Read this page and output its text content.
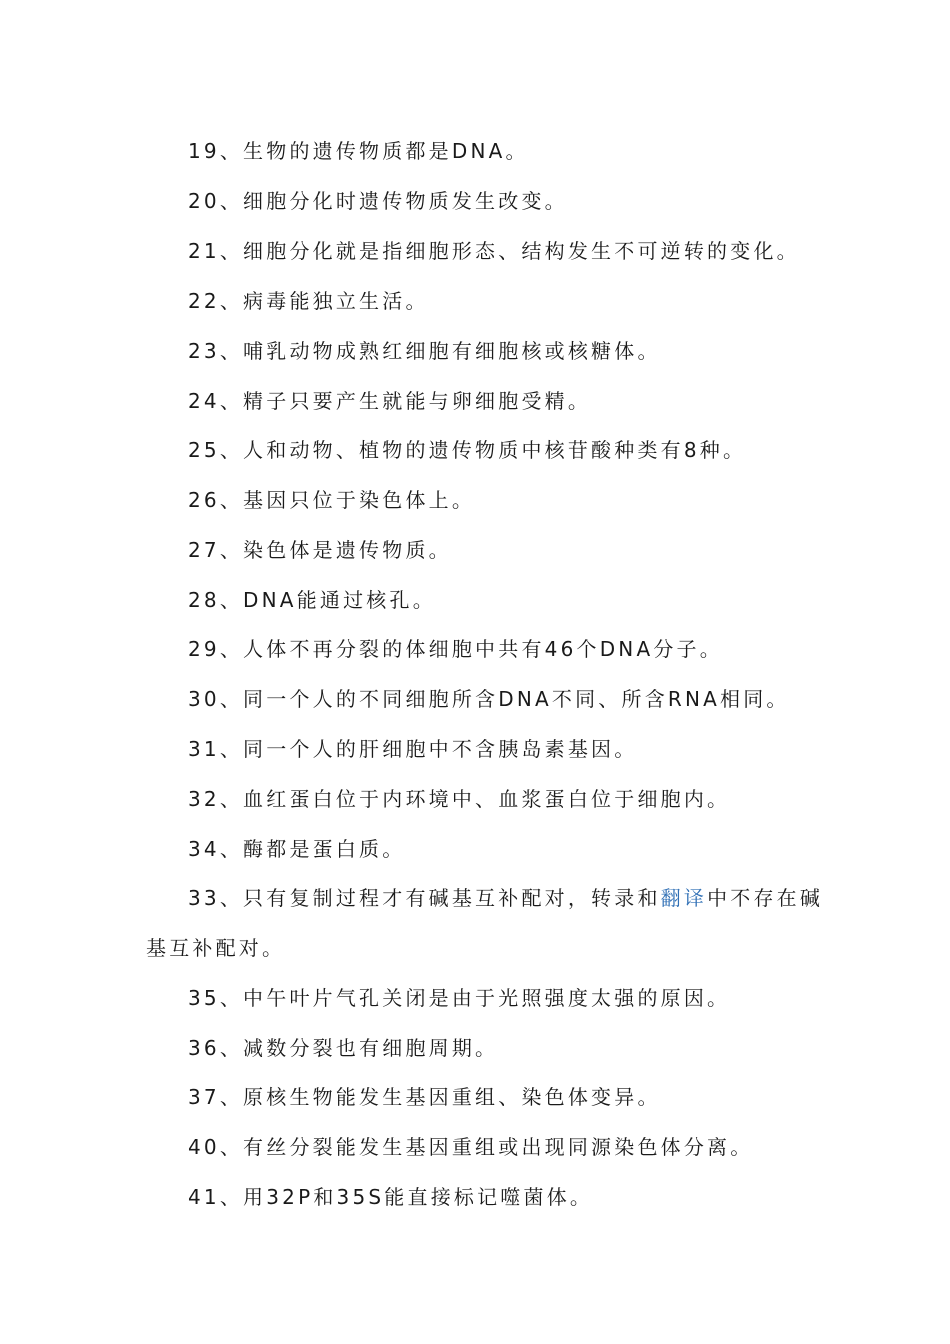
19、生物的遗传物质都是DNA。
20、细胞分化时遗传物质发生改变。
21、细胞分化就是指细胞形态、结构发生不可逆转的变化。
22、病毒能独立生活。
23、哺乳动物成熟红细胞有细胞核或核糖体。
24、精子只要产生就能与卵细胞受精。
25、人和动物、植物的遗传物质中核苷酸种类有8种。
26、基因只位于染色体上。
27、染色体是遗传物质。
28、DNA能通过核孔。
29、人体不再分裂的体细胞中共有46个DNA分子。
30、同一个人的不同细胞所含DNA不同、所含RNA相同。
31、同一个人的肝细胞中不含胰岛素基因。
32、血红蛋白位于内环境中、血浆蛋白位于细胞内。
34、酶都是蛋白质。
33、只有复制过程才有碱基互补配对，转录和翻译中不存在碱
基互补配对。
35、中午叶片气孔关闭是由于光照强度太强的原因。
36、减数分裂也有细胞周期。
37、原核生物能发生基因重组、染色体变异。
40、有丝分裂能发生基因重组或出现同源染色体分离。
41、用32P和35S能直接标记噬菌体。
